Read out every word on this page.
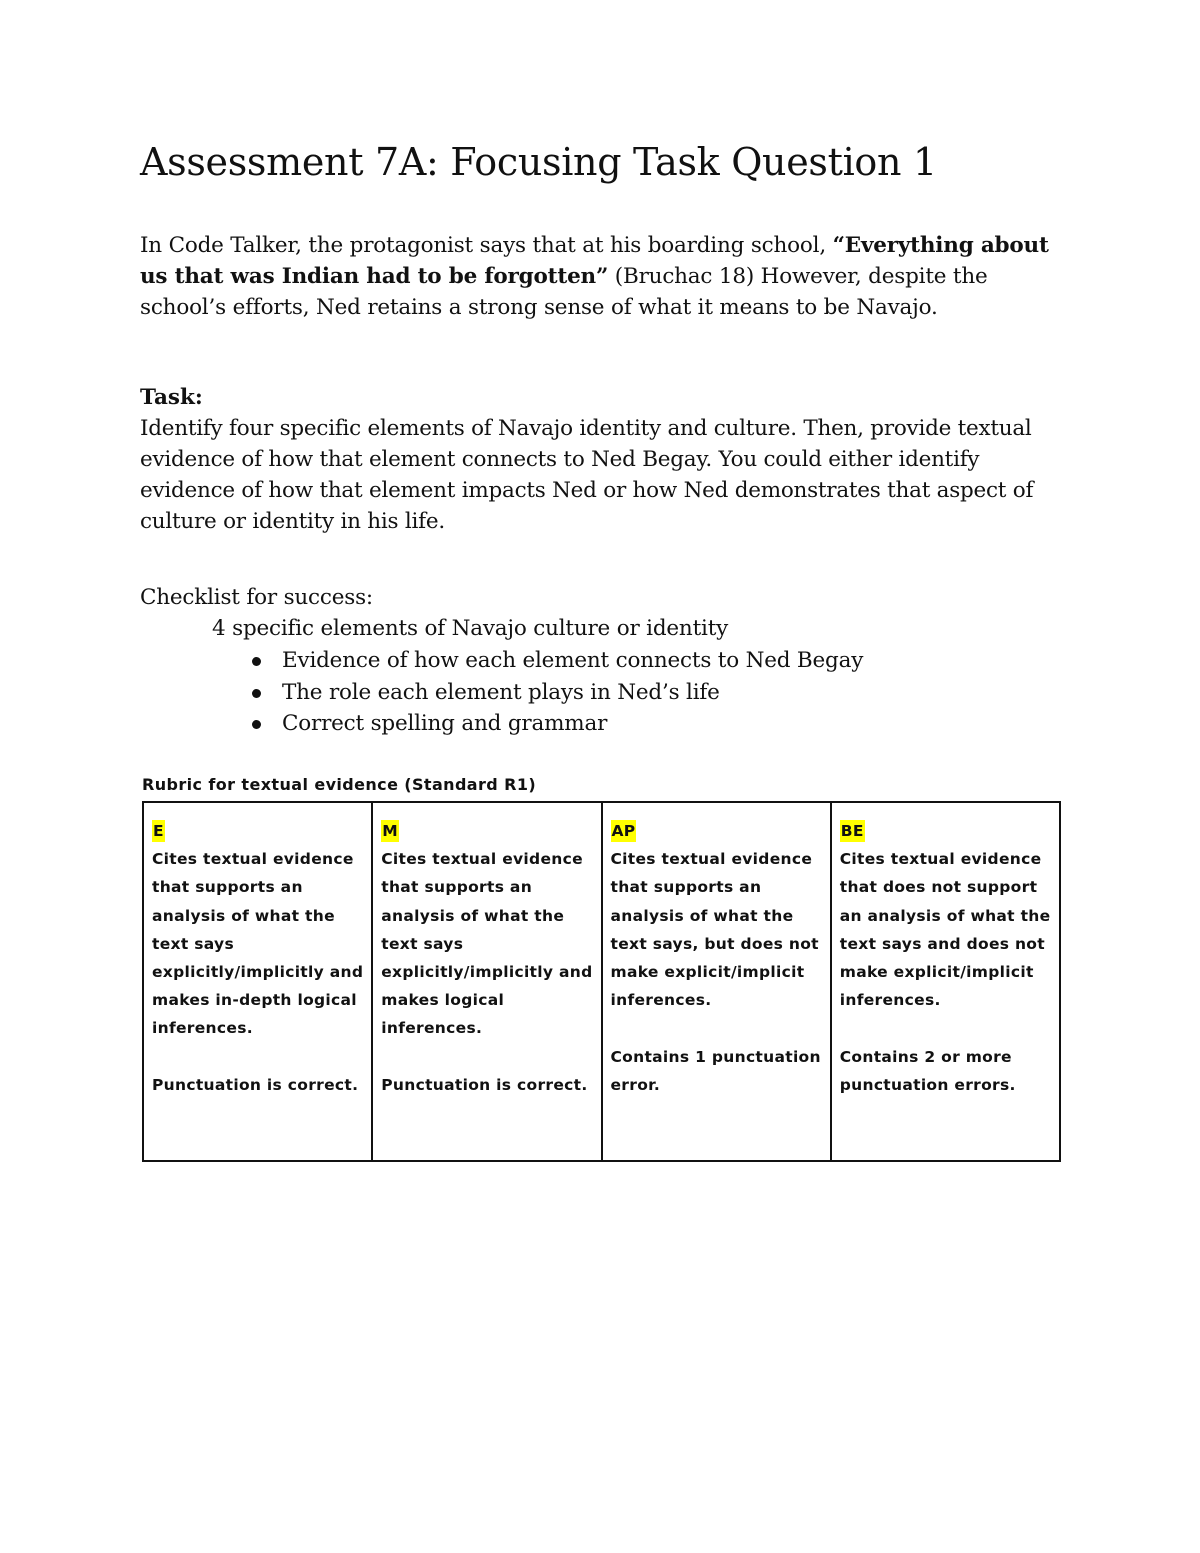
Assessment 7A: Focusing Task Question 1

In Code Talker, the protagonist says that at his boarding school, “Everything about us that was Indian had to be forgotten” (Bruchac 18) However, despite the school’s efforts, Ned retains a strong sense of what it means to be Navajo.

Task:

Identify four specific elements of Navajo identity and culture. Then, provide textual evidence of how that element connects to Ned Begay. You could either identify evidence of how that element impacts Ned or how Ned demonstrates that aspect of culture or identity in his life.

Checklist for success:

4 specific elements of Navajo culture or identity

Evidence of how each element connects to Ned Begay
The role each element plays in Ned’s life
Correct spelling and grammar

Rubric for textual evidence (Standard R1)

E

Cites textual evidence that supports an analysis of what the text says explicitly/implicitly and makes in-depth logical inferences.

Punctuation is correct.

	M

Cites textual evidence that supports an analysis of what the text says explicitly/implicitly and makes logical inferences.

Punctuation is correct.

	AP

Cites textual evidence that supports an analysis of what the text says, but does not make explicit/implicit inferences.

Contains 1 punctuation error.

	BE

Cites textual evidence that does not support an analysis of what the text says and does not make explicit/implicit inferences.

Contains 2 or more punctuation errors.
